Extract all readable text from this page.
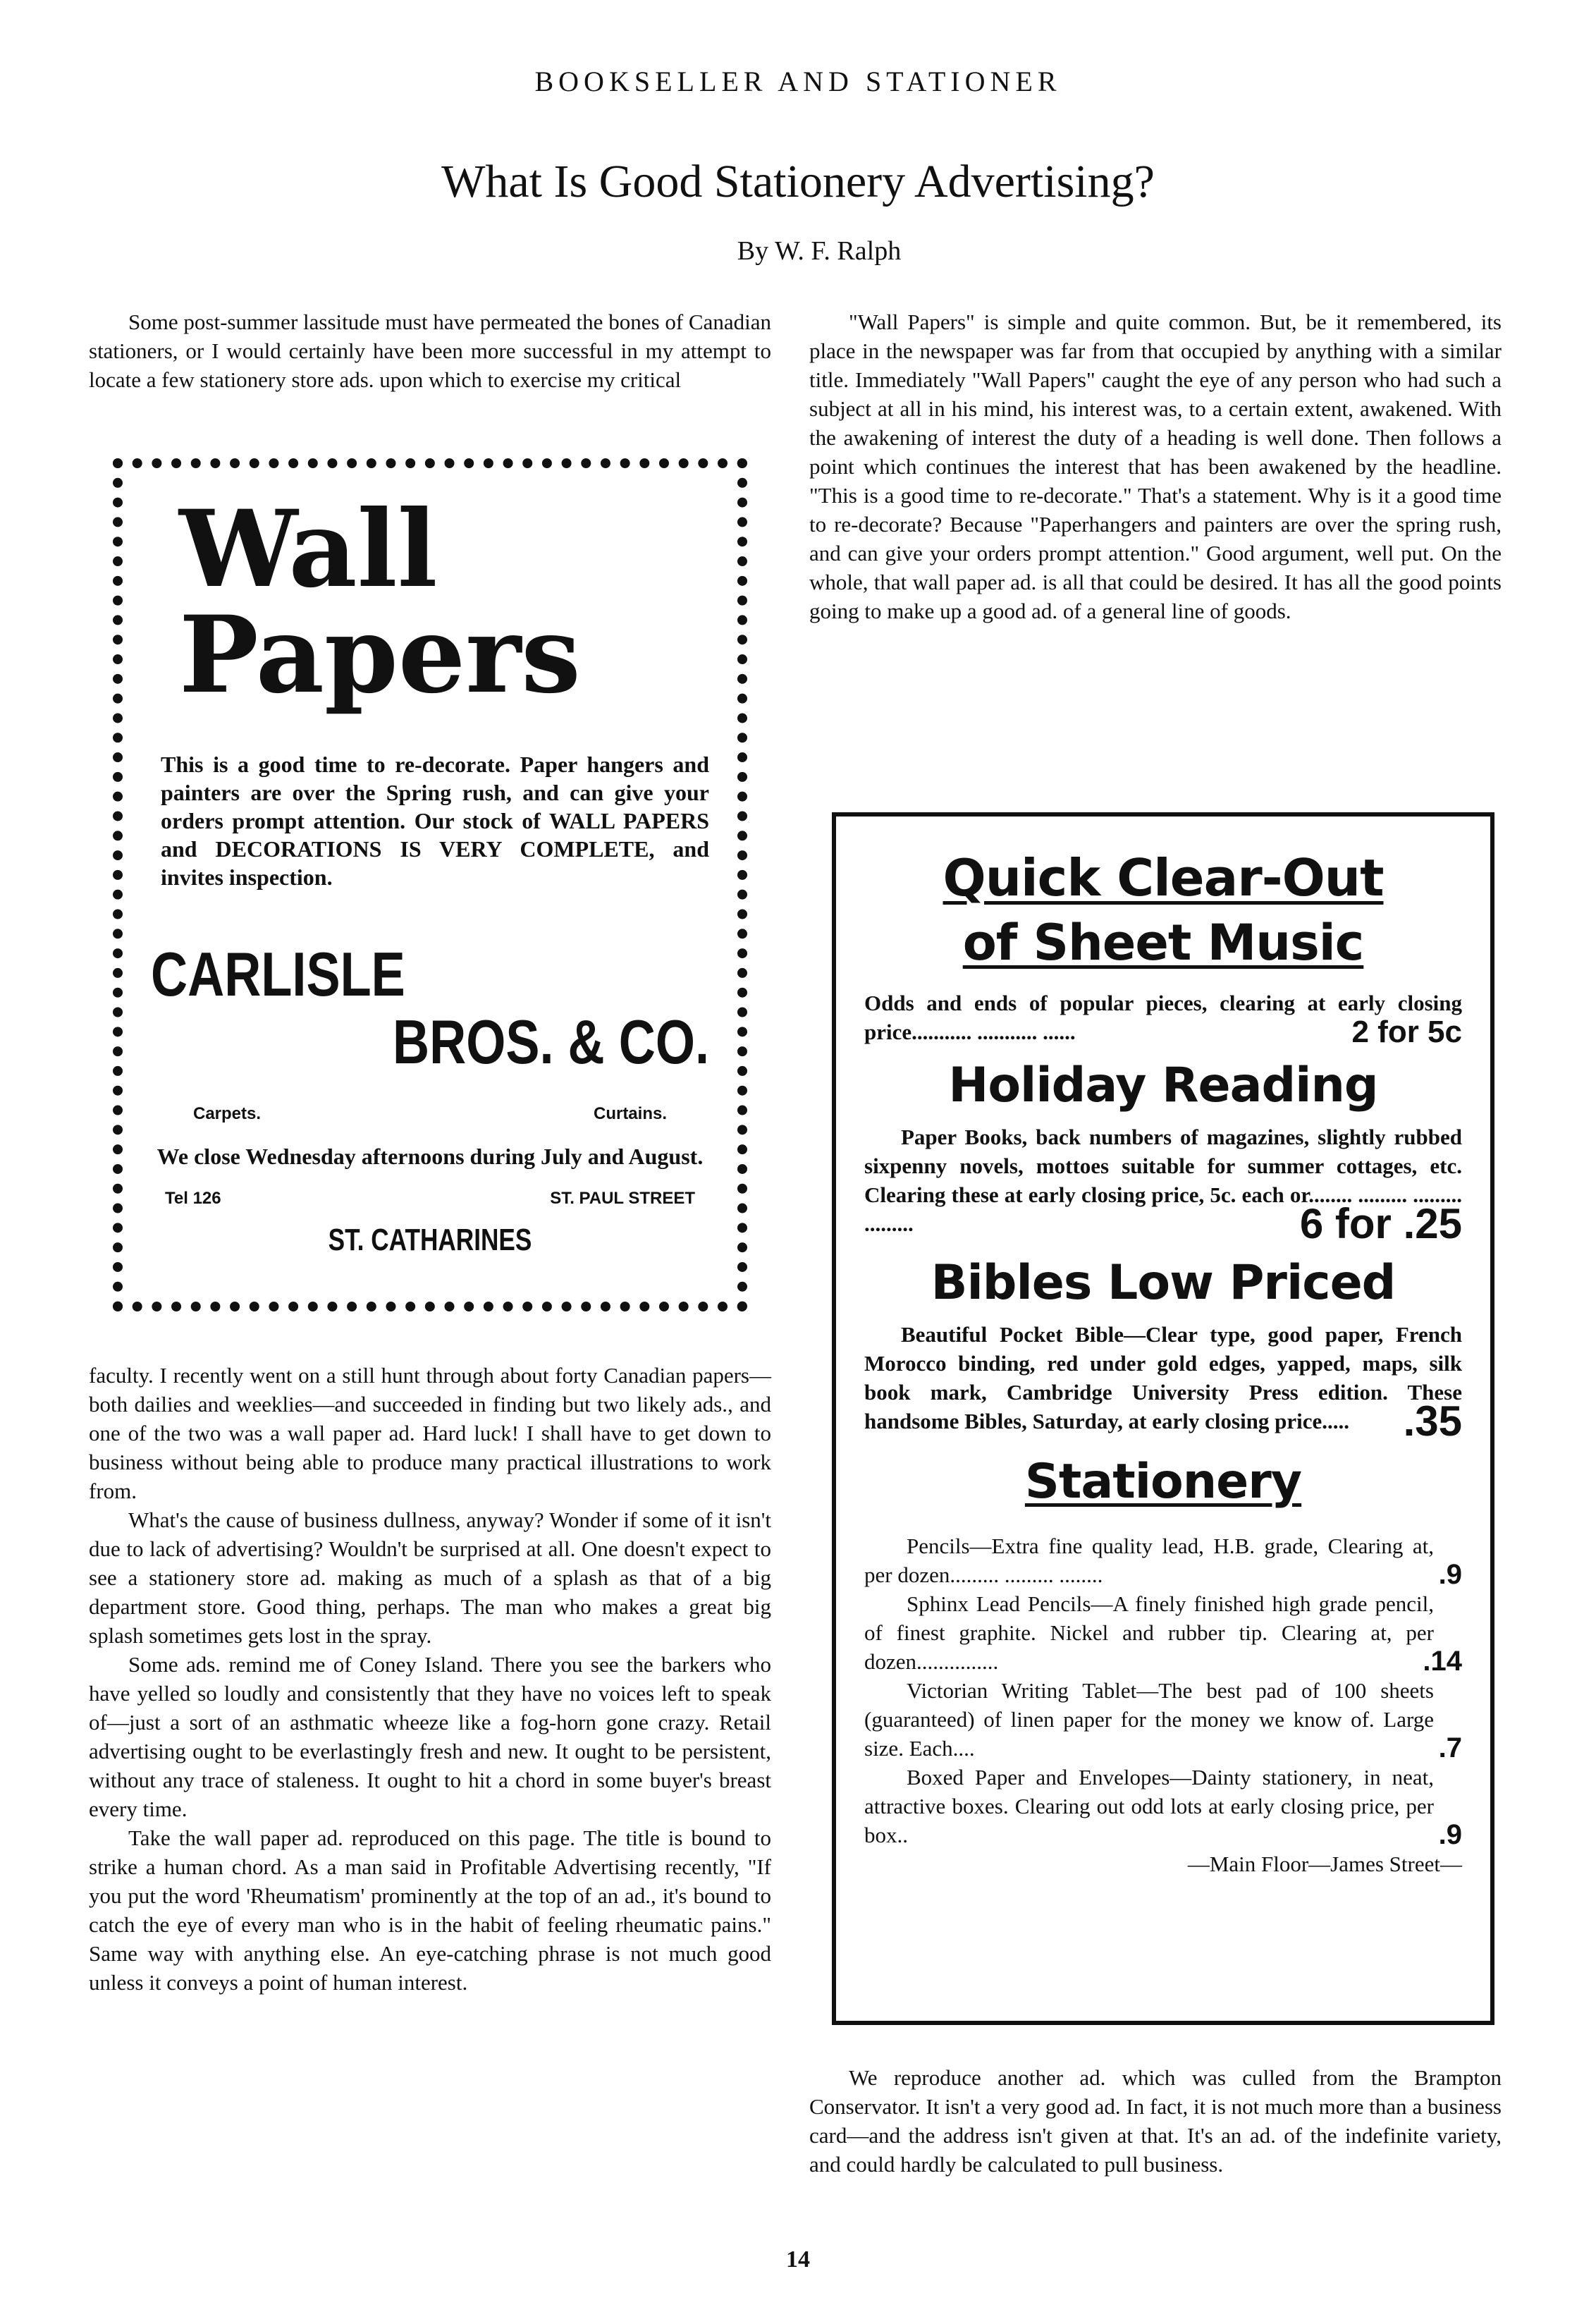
BOOKSELLER AND STATIONER
What Is Good Stationery Advertising?
By W. F. Ralph

Some post-summer lassitude must have permeated the bones of Canadian stationers, or I would certainly have been more successful in my attempt to locate a few stationery store ads. upon which to exercise my critical

Wall
Papers
This is a good time to re-decorate. Paper hangers and painters are over the Spring rush, and can give your orders prompt attention. Our stock of WALL PAPERS and DECORATIONS IS VERY COMPLETE, and invites inspection.
CARLISLE
BROS. & CO.
Carpets.	Curtains.
We close Wednesday afternoons during July and August.
Tel 126	ST. PAUL STREET
ST. CATHARINES

faculty. I recently went on a still hunt through about forty Canadian papers—both dailies and weeklies—and succeeded in finding but two likely ads., and one of the two was a wall paper ad. Hard luck! I shall have to get down to business without being able to produce many practical illustrations to work from.

What's the cause of business dullness, anyway? Wonder if some of it isn't due to lack of advertising? Wouldn't be surprised at all. One doesn't expect to see a stationery store ad. making as much of a splash as that of a big department store. Good thing, perhaps. The man who makes a great big splash sometimes gets lost in the spray.

Some ads. remind me of Coney Island. There you see the barkers who have yelled so loudly and consistently that they have no voices left to speak of—just a sort of an asthmatic wheeze like a fog-horn gone crazy. Retail advertising ought to be everlastingly fresh and new. It ought to be persistent, without any trace of staleness. It ought to hit a chord in some buyer's breast every time.

Take the wall paper ad. reproduced on this page. The title is bound to strike a human chord. As a man said in Profitable Advertising recently, "If you put the word 'Rheumatism' prominently at the top of an ad., it's bound to catch the eye of every man who is in the habit of feeling rheumatic pains." Same way with anything else. An eye-catching phrase is not much good unless it conveys a point of human interest.

"Wall Papers" is simple and quite common. But, be it remembered, its place in the newspaper was far from that occupied by anything with a similar title. Immediately "Wall Papers" caught the eye of any person who had such a subject at all in his mind, his interest was, to a certain extent, awakened. With the awakening of interest the duty of a heading is well done. Then follows a point which continues the interest that has been awakened by the headline. "This is a good time to re-decorate." That's a statement. Why is it a good time to re-decorate? Because "Paperhangers and painters are over the spring rush, and can give your orders prompt attention." Good argument, well put. On the whole, that wall paper ad. is all that could be desired. It has all the good points going to make up a good ad. of a general line of goods.

Quick Clear-Out
of Sheet Music
Odds and ends of popular pieces, clearing at early closing price........... ........... ......	2 for 5c
Holiday Reading
Paper Books, back numbers of magazines, slightly rubbed sixpenny novels, mottoes suitable for summer cottages, etc. Clearing these at early closing price, 5c. each or........ ......... ......... .........	6 for .25
Bibles Low Priced
Beautiful Pocket Bible—Clear type, good paper, French Morocco binding, red under gold edges, yapped, maps, silk book mark, Cambridge University Press edition. These handsome Bibles, Saturday, at early closing price..... .35
Stationery

Pencils—Extra fine quality lead, H.B. grade, Clearing at, per dozen......... ......... ........	.9

Sphinx Lead Pencils—A finely finished high grade pencil, of finest graphite. Nickel and rubber tip. Clearing at, per dozen...............	.14

Victorian Writing Tablet—The best pad of 100 sheets (guaranteed) of linen paper for the money we know of. Large size. Each....	.7

Boxed Paper and Envelopes—Dainty stationery, in neat, attractive boxes. Clearing out odd lots at early closing price, per box..	.9
—Main Floor—James Street—

We reproduce another ad. which was culled from the Brampton Conservator. It isn't a very good ad. In fact, it is not much more than a business card—and the address isn't given at that. It's an ad. of the indefinite variety, and could hardly be calculated to pull business.

14
